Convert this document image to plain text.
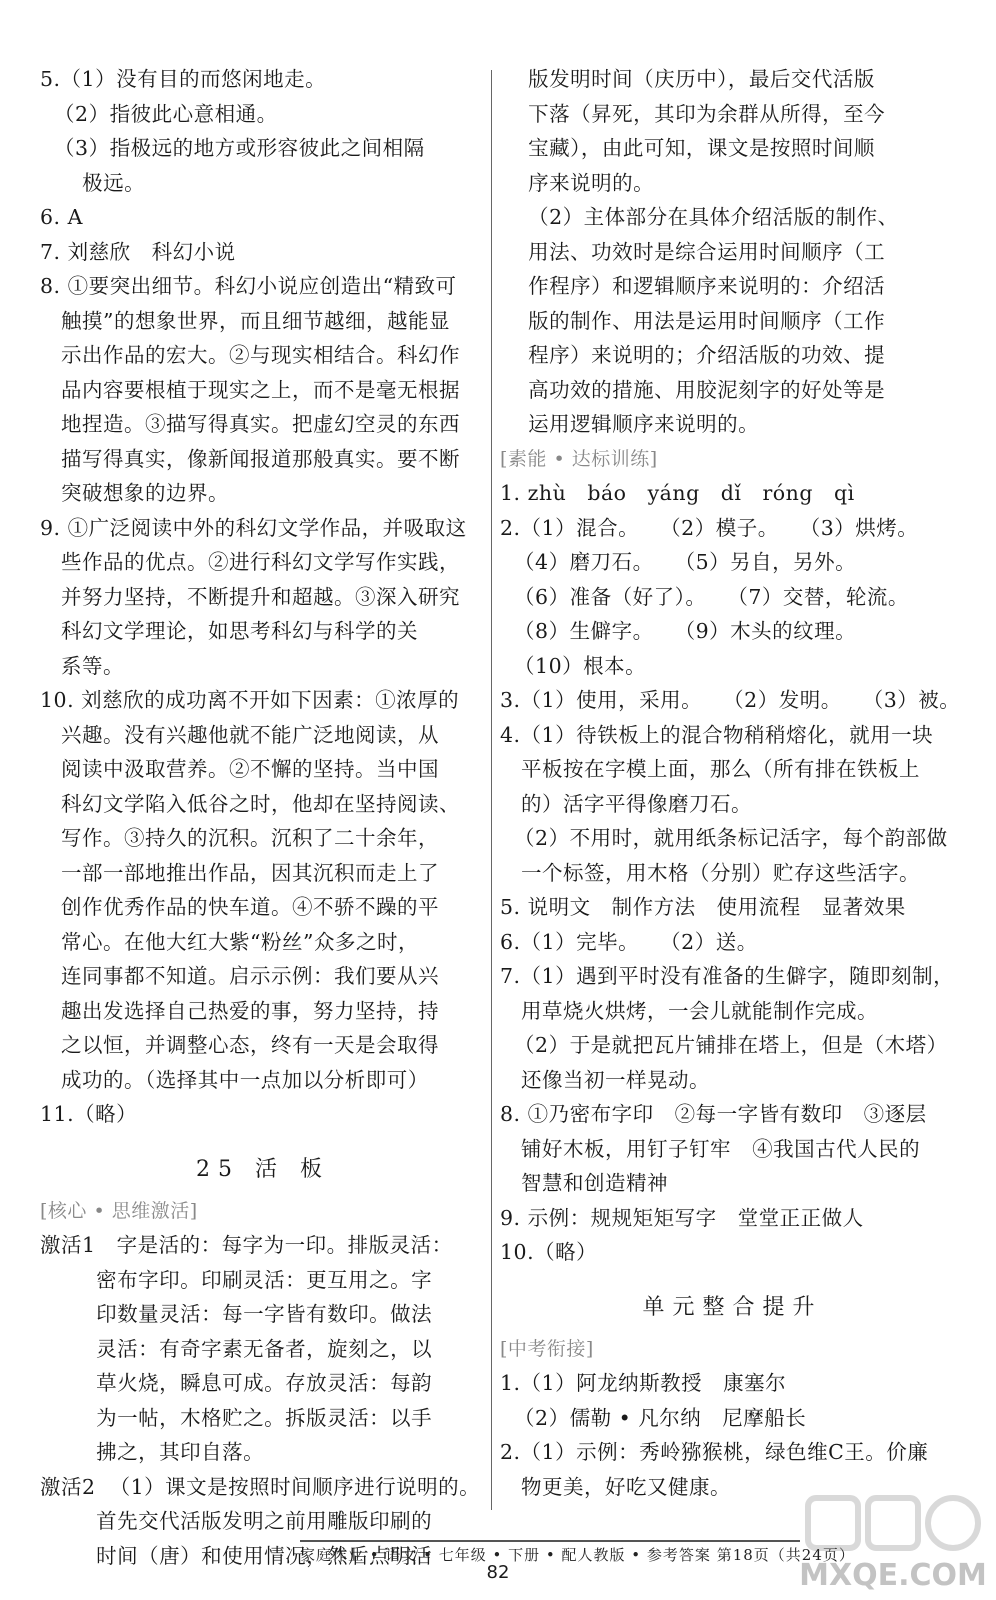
5.（1）没有目的而悠闲地走。
（2）指彼此心意相通。
（3）指极远的地方或形容彼此之间相隔
极远。
6. A
7. 刘慈欣   科幻小说
8. ①要突出细节。科幻小说应创造出“精致可
触摸”的想象世界，而且细节越细，越能显
示出作品的宏大。②与现实相结合。科幻作
品内容要根植于现实之上，而不是毫无根据
地捏造。③描写得真实。把虚幻空灵的东西
描写得真实，像新闻报道那般真实。要不断
突破想象的边界。
9. ①广泛阅读中外的科幻文学作品，并吸取这
些作品的优点。②进行科幻文学写作实践，
并努力坚持，不断提升和超越。③深入研究
科幻文学理论，如思考科幻与科学的关
系等。
10. 刘慈欣的成功离不开如下因素：①浓厚的
兴趣。没有兴趣他就不能广泛地阅读，从
阅读中汲取营养。②不懈的坚持。当中国
科幻文学陷入低谷之时，他却在坚持阅读、
写作。③持久的沉积。沉积了二十余年，
一部一部地推出作品，因其沉积而走上了
创作优秀作品的快车道。④不骄不躁的平
常心。在他大红大紫“粉丝”众多之时，
连同事都不知道。启示示例：我们要从兴
趣出发选择自己热爱的事，努力坚持，持
之以恒，并调整心态，终有一天是会取得
成功的。（选择其中一点加以分析即可）
11.（略）
25 活 板
[核心 • 思维激活]
激活1   字是活的：每字为一印。排版灵活：
密布字印。印刷灵活：更互用之。字
印数量灵活：每一字皆有数印。做法
灵活：有奇字素无备者，旋刻之，以
草火烧，瞬息可成。存放灵活：每韵
为一帖，木格贮之。拆版灵活：以手
拂之，其印自落。
激活2  （1）课文是按照时间顺序进行说明的。
首先交代活版发明之前用雕版印刷的
时间（唐）和使用情况，然后点明活
版发明时间（庆历中），最后交代活版
下落（昇死，其印为余群从所得，至今
宝藏），由此可知，课文是按照时间顺
序来说明的。
（2）主体部分在具体介绍活版的制作、
用法、功效时是综合运用时间顺序（工
作程序）和逻辑顺序来说明的：介绍活
版的制作、用法是运用时间顺序（工作
程序）来说明的；介绍活版的功效、提
高功效的措施、用胶泥刻字的好处等是
运用逻辑顺序来说明的。
[素能 • 达标训练]
1. zhù   báo   yáng   dǐ   róng   qì
2.（1）混合。   （2）模子。   （3）烘烤。
（4）磨刀石。   （5）另自，另外。
（6）准备（好了）。   （7）交替，轮流。
（8）生僻字。   （9）木头的纹理。
（10）根本。
3.（1）使用，采用。   （2）发明。   （3）被。
4.（1）待铁板上的混合物稍稍熔化，就用一块
平板按在字模上面，那么（所有排在铁板上
的）活字平得像磨刀石。
（2）不用时，就用纸条标记活字，每个韵部做
一个标签，用木格（分别）贮存这些活字。
5. 说明文   制作方法   使用流程   显著效果
6.（1）完毕。   （2）送。
7.（1）遇到平时没有准备的生僻字，随即刻制，
用草烧火烘烤，一会儿就能制作完成。
（2）于是就把瓦片铺排在塔上，但是（木塔）
还像当初一样晃动。
8. ①乃密布字印   ②每一字皆有数印   ③逐层
铺好木板，用钉子钉牢   ④我国古代人民的
智慧和创造精神
9. 示例：规规矩矩写字   堂堂正正做人
10.（略）
单元整合提升
[中考衔接]
1.（1）阿龙纳斯教授   康塞尔
（2）儒勒 • 凡尔纳   尼摩船长
2.（1）示例：秀岭猕猴桃，绿色维C王。价廉
物更美，好吃又健康。
家庭作业 • 语文 • 七年级 • 下册 • 配人教版 • 参考答案 第18页（共24页）
82	MXQE.COM
